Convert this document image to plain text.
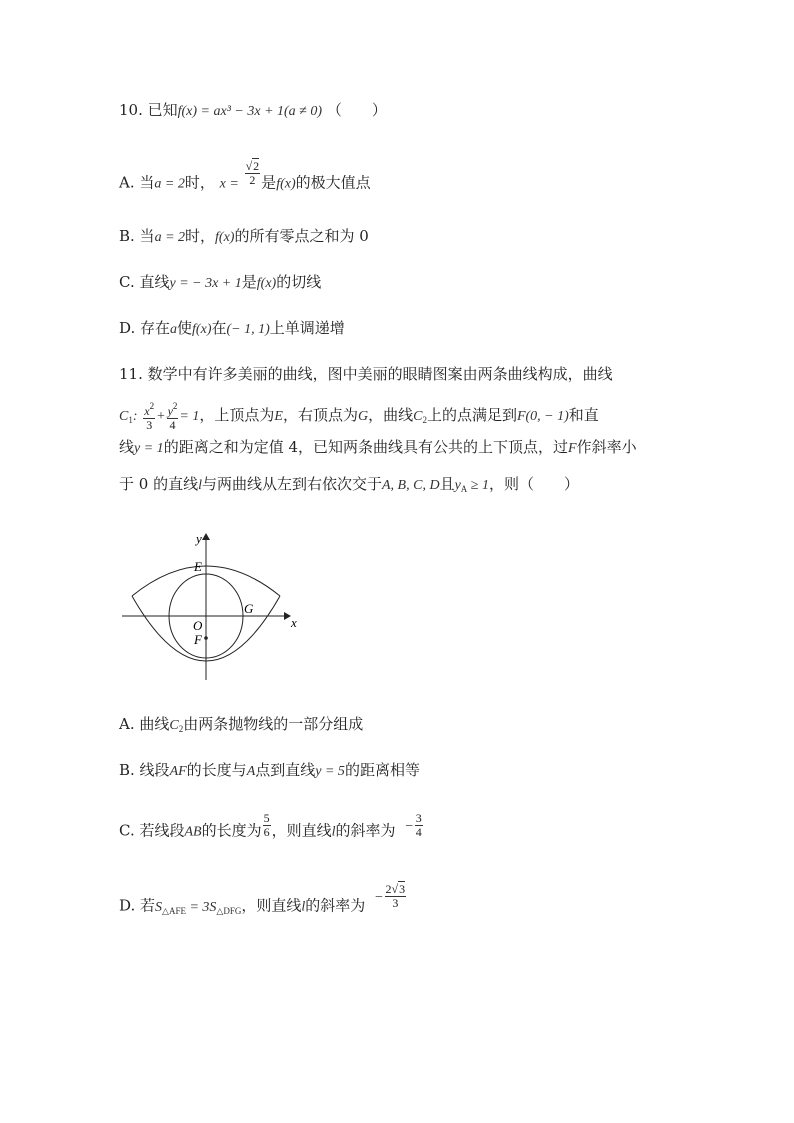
10. 已知f(x) = ax³ − 3x + 1(a ≠ 0) （　　）
A. 当a = 2时， $x = \frac{√2}{2}$ 是f(x)的极大值点
B. 当a = 2时，f(x)的所有零点之和为 0
C. 直线y = − 3x + 1是f(x)的切线
D. 存在a使f(x)在(− 1, 1)上单调递增
11. 数学中有许多美丽的曲线，图中美丽的眼睛图案由两条曲线构成，曲线
$C_1$: $\frac{x^2}{3} + \frac{y^2}{4} = 1$，上顶点为E，右顶点为G，曲线$C_2$上的点满足到F(0, − 1)和直
线y = 1的距离之和为定值 4，已知两条曲线具有公共的上下顶点，过F作斜率小
于 0 的直线l与两曲线从左到右依次交于A, B, C, D且$y_A \ge 1$，则（　　）
y
x
E
G
O
F
A. 曲线$C_2$由两条抛物线的一部分组成
B. 线段AF的长度与A点到直线y = 5的距离相等
C. 若线段AB的长度为 $\frac{5}{6}$ ，则直线l的斜率为 − $\frac{3}{4}$
D. 若$S_{\triangle AFE} = 3S_{\triangle DFG}$，则直线l的斜率为 − $\frac{2√3}{3}$
